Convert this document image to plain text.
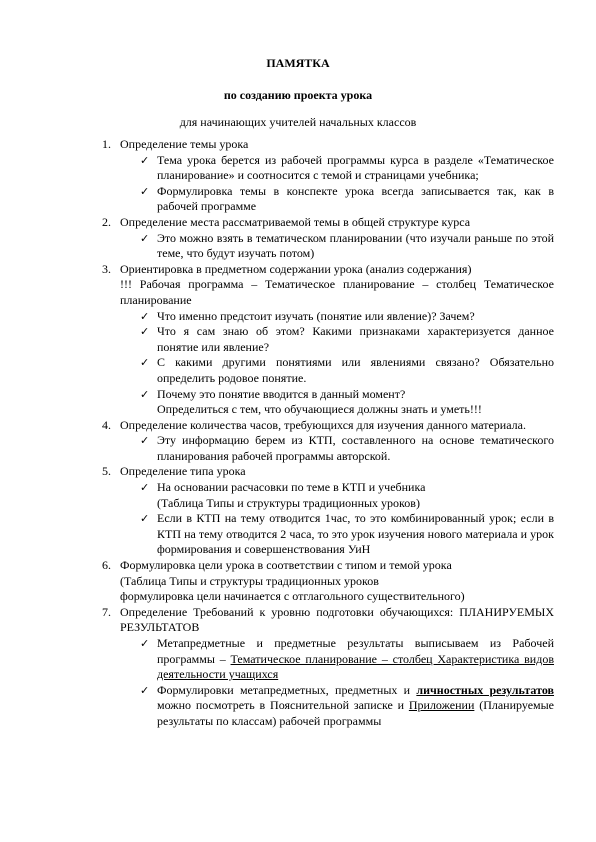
ПАМЯТКА

по созданию проекта урока

для начинающих учителей начальных классов

1. Определение темы урока

✓ Тема урока берется из рабочей программы курса в разделе «Тематическое планирование» и соотносится с темой и страницами учебника;

✓ Формулировка темы в конспекте урока всегда записывается так, как в рабочей программе

2. Определение места рассматриваемой темы в общей структуре курса

✓ Это можно взять в тематическом планировании (что изучали раньше по этой теме, что будут изучать потом)

3. Ориентировка в предметном содержании урока (анализ содержания)

!!! Рабочая программа – Тематическое планирование – столбец Тематическое планирование

✓ Что именно предстоит изучать (понятие или явление)? Зачем?

✓ Что я сам знаю об этом? Какими признаками характеризуется данное понятие или явление?

✓ С какими другими понятиями или явлениями связано? Обязательно определить родовое понятие.

✓ Почему это понятие вводится в данный момент?

Определиться с тем, что обучающиеся должны знать и уметь!!!

4. Определение количества часов, требующихся для изучения данного материала.

✓ Эту информацию берем из КТП, составленного на основе тематического планирования рабочей программы авторской.

5. Определение типа урока

✓ На основании расчасовки по теме в КТП и учебника

(Таблица Типы и структуры традиционных уроков)

✓ Если в КТП на тему отводится 1час, то это комбинированный урок; если в КТП на тему отводится 2 часа, то это урок изучения нового материала и урок формирования и совершенствования УиН

6. Формулировка цели урока в соответствии с типом и темой урока

(Таблица Типы и структуры традиционных уроков

формулировка цели начинается с отглагольного существительного)

7. Определение Требований к уровню подготовки обучающихся: ПЛАНИРУЕМЫХ РЕЗУЛЬТАТОВ

✓ Метапредметные и предметные результаты выписываем из Рабочей программы – Тематическое планирование – столбец Характеристика видов деятельности учащихся

✓ Формулировки метапредметных, предметных и личностных результатов можно посмотреть в Пояснительной записке и Приложении (Планируемые результаты по классам) рабочей программы
